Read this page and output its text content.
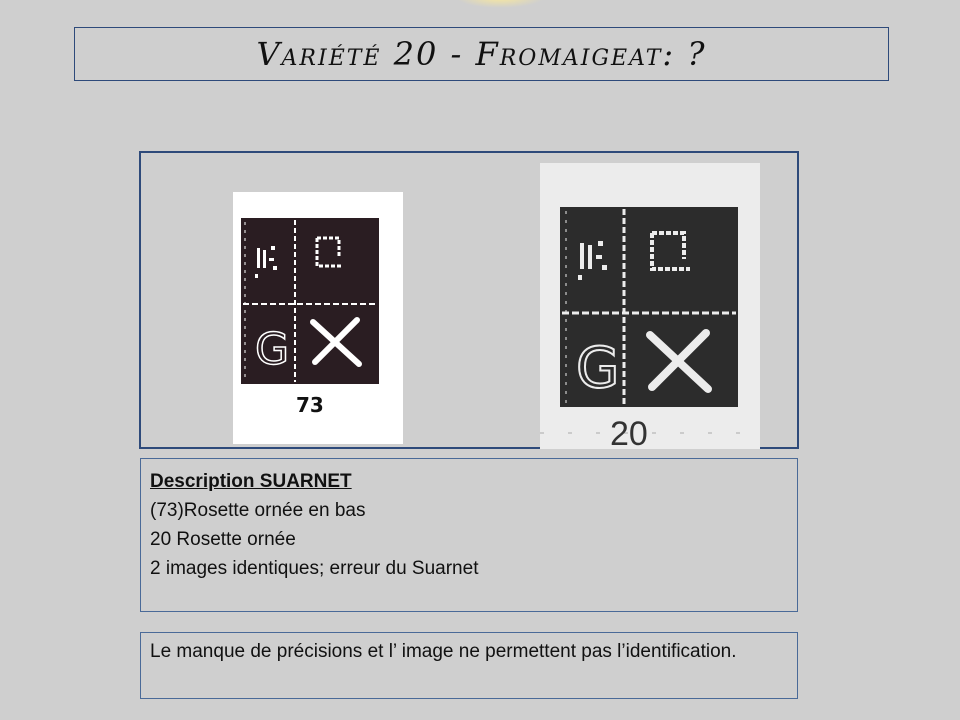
Variété 20 - Fromaigeat: ?
G
73
G
20
Description SUARNET
(73)Rosette ornée en bas
20 Rosette ornée
2 images identiques; erreur du Suarnet
Le manque de précisions et l’ image ne permettent pas l’identification.
